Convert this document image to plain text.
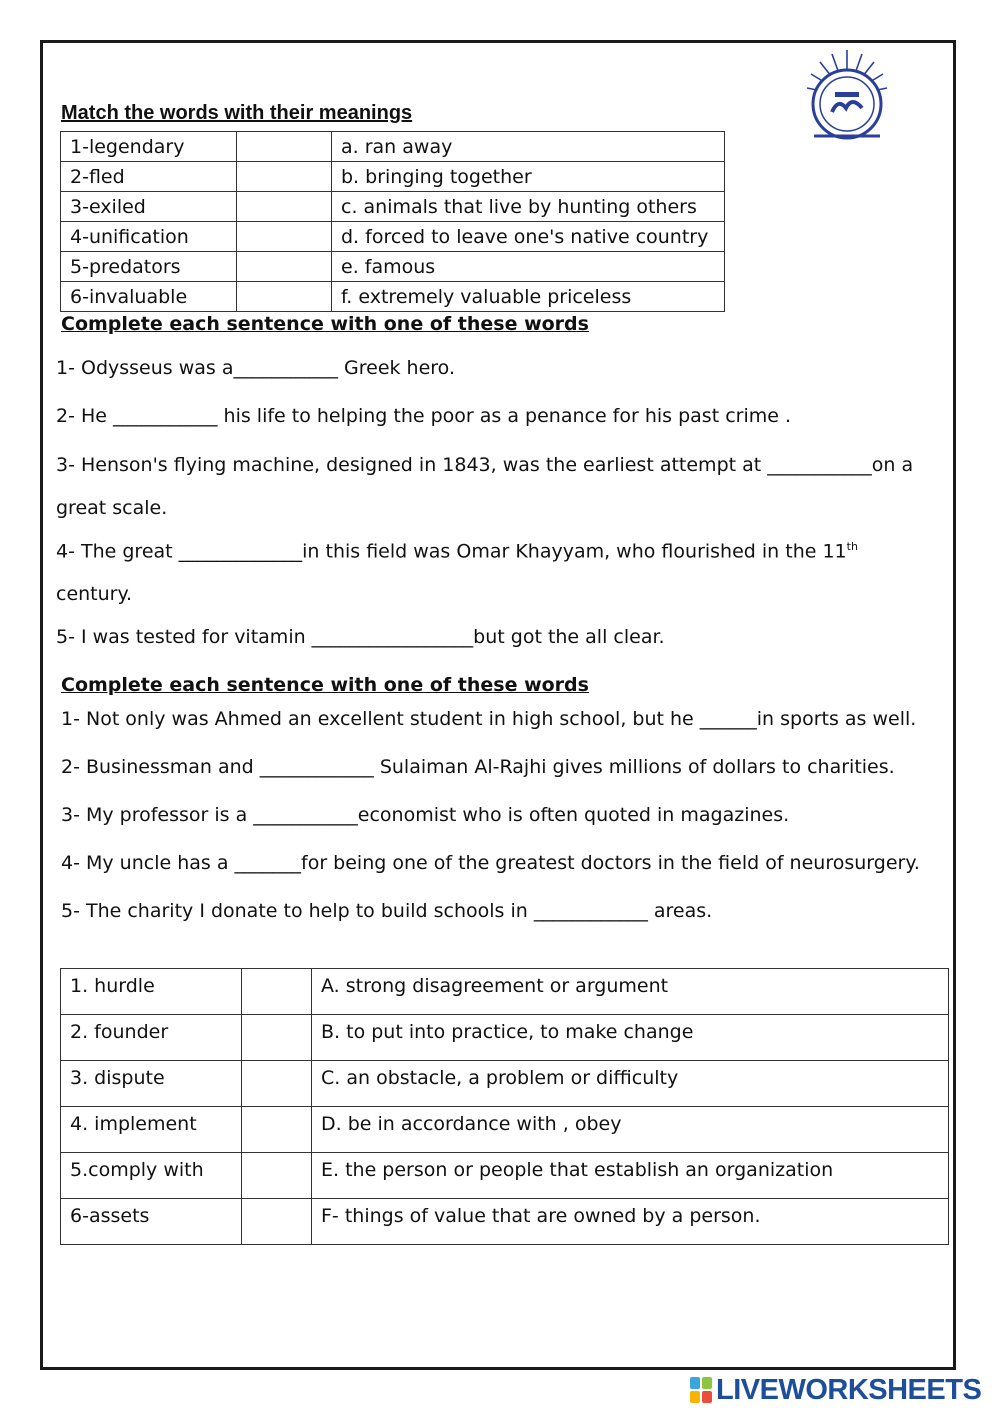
Match the words with their meanings
1-legendary		a. ran away
2-fled		b. bringing together
3-exiled		c. animals that live by hunting others
4-unification		d. forced to leave one's native country
5-predators		e. famous
6-invaluable		f. extremely valuable priceless
Complete each sentence with one of these words
1- Odysseus was a___________ Greek hero.
2- He ___________ his life to helping the poor as a penance for his past crime .
3- Henson's flying machine, designed in 1843, was the earliest attempt at ___________on a
great scale.
4- The great _____________in this field was Omar Khayyam, who flourished in the 11th
century.
5- I was tested for vitamin _________________but got the all clear.
Complete each sentence with one of these words
1- Not only was Ahmed an excellent student in high school, but he ______in sports as well.
2- Businessman and ____________ Sulaiman Al-Rajhi gives millions of dollars to charities.
3- My professor is a ___________economist who is often quoted in magazines.
4- My uncle has a _______for being one of the greatest doctors in the field of neurosurgery.
5- The charity I donate to help to build schools in ____________ areas.
1. hurdle		A. strong disagreement or argument
2. founder		B. to put into practice, to make change
3. dispute		C. an obstacle, a problem or difficulty
4. implement		D. be in accordance with , obey
5.comply with		E. the person or people that establish an organization
6-assets		F- things of value that are owned by a person.
LIVEWORKSHEETS
